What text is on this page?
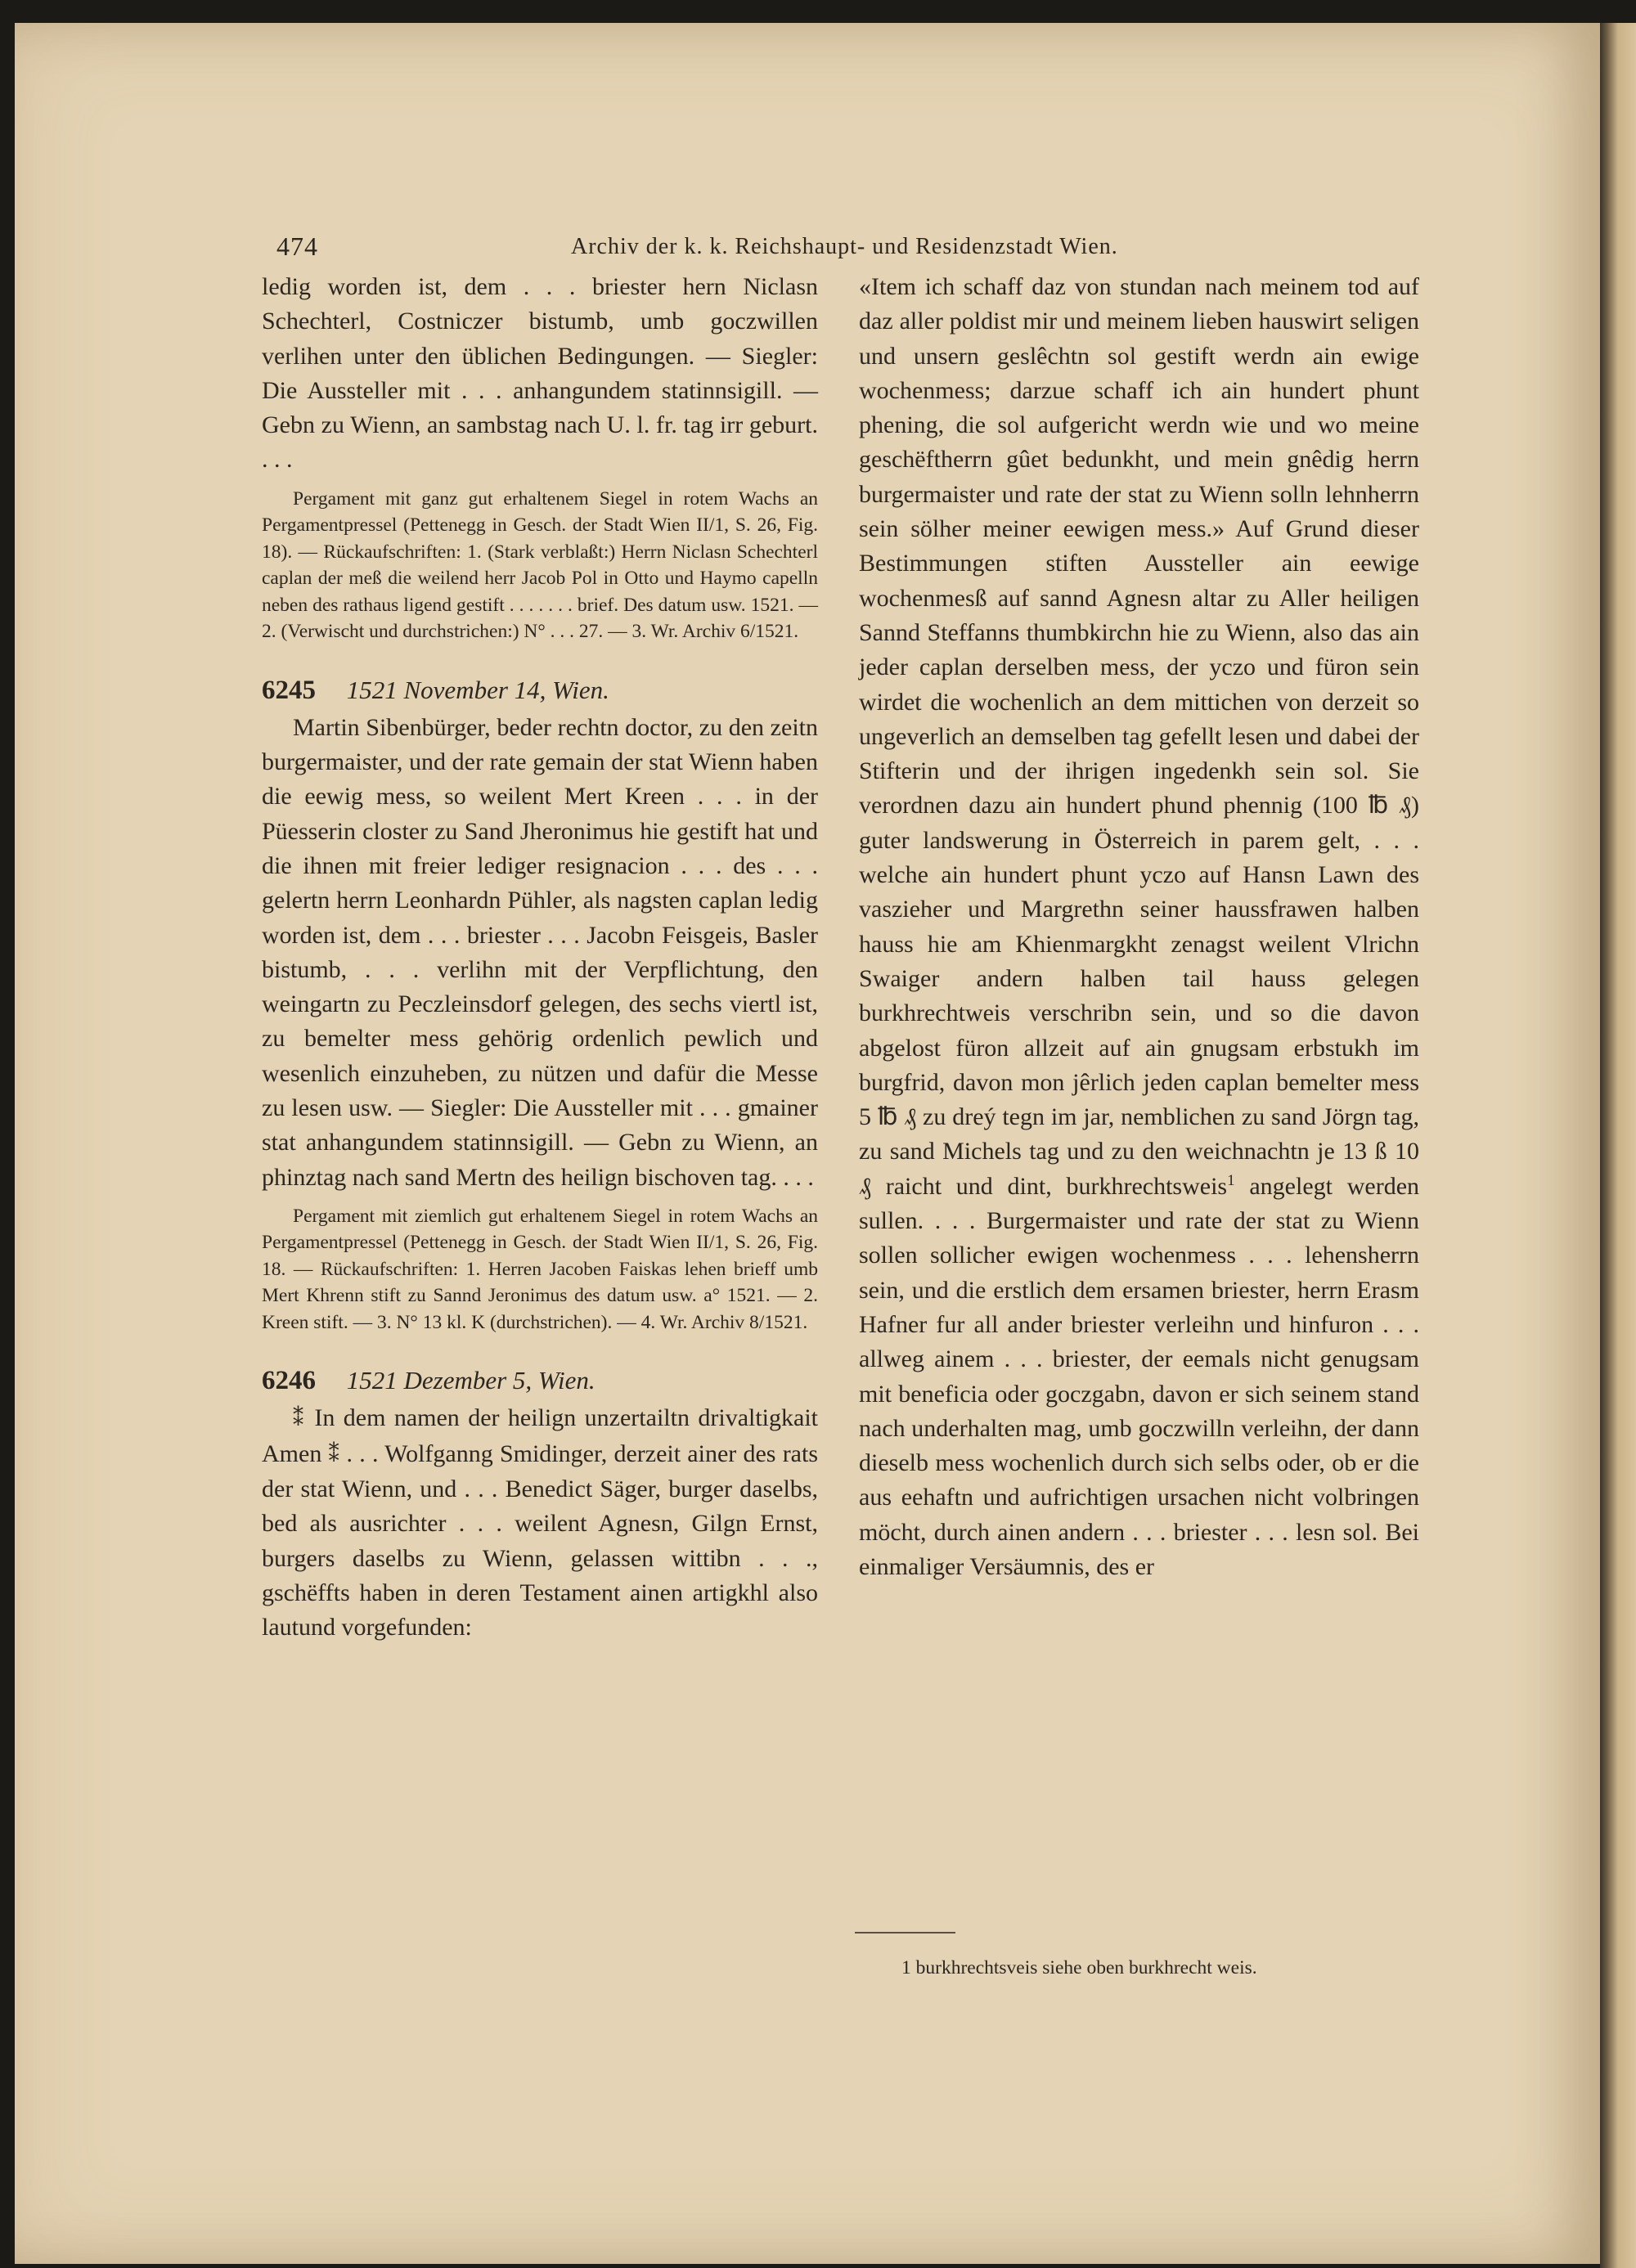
474	Archiv der k. k. Reichshaupt- und Residenzstadt Wien.

ledig worden ist, dem . . . briester hern Niclasn Schechterl, Costniczer bistumb, umb goczwillen verlihen unter den üblichen Bedingungen. — Siegler: Die Aussteller mit . . . anhangundem statinnsigill. — Gebn zu Wienn, an sambstag nach U. l. fr. tag irr geburt. . . .

Pergament mit ganz gut erhaltenem Siegel in rotem Wachs an Pergamentpressel (Pettenegg in Gesch. der Stadt Wien II/1, S. 26, Fig. 18). — Rückaufschriften: 1. (Stark verblaßt:) Herrn Niclasn Schechterl caplan der meß die weilend herr Jacob Pol in Otto und Haymo capelln neben des rathaus ligend gestift . . . . . . . brief. Des datum usw. 1521. — 2. (Verwischt und durchstrichen:) N° . . . 27. — 3. Wr. Archiv 6/1521.

6245 1521 November 14, Wien.

Martin Sibenbürger, beder rechtn doctor, zu den zeitn burgermaister, und der rate gemain der stat Wienn haben die eewig mess, so weilent Mert Kreen . . . in der Püesserin closter zu Sand Jheronimus hie gestift hat und die ihnen mit freier lediger resignacion . . . des . . . gelertn herrn Leonhardn Pühler, als nagsten caplan ledig worden ist, dem . . . briester . . . Jacobn Feisgeis, Basler bistumb, . . . verlihn mit der Verpflichtung, den weingartn zu Peczleinsdorf gelegen, des sechs viertl ist, zu bemelter mess gehörig ordenlich pewlich und wesenlich einzuheben, zu nützen und dafür die Messe zu lesen usw. — Siegler: Die Aussteller mit . . . gmainer stat anhangundem statinnsigill. — Gebn zu Wienn, an phinztag nach sand Mertn des heilign bischoven tag. . . .

Pergament mit ziemlich gut erhaltenem Siegel in rotem Wachs an Pergamentpressel (Pettenegg in Gesch. der Stadt Wien II/1, S. 26, Fig. 18. — Rückaufschriften: 1. Herren Jacoben Faiskas lehen brieff umb Mert Khrenn stift zu Sannd Jeronimus des datum usw. a° 1521. — 2. Kreen stift. — 3. N° 13 kl. K (durchstrichen). — 4. Wr. Archiv 8/1521.

6246 1521 Dezember 5, Wien.

⁑ In dem namen der heilign unzertailtn drivaltigkait Amen ⁑ . . . Wolfganng Smidinger, derzeit ainer des rats der stat Wienn, und . . . Benedict Säger, burger daselbs, bed als ausrichter . . . weilent Agnesn, Gilgn Ernst, burgers daselbs zu Wienn, gelassen wittibn . . ., gschëffts haben in deren Testament ainen artigkhl also lautund vorgefunden:

«Item ich schaff daz von stundan nach meinem tod auf daz aller poldist mir und meinem lieben hauswirt seligen und unsern geslêchtn sol gestift werdn ain ewige wochenmess; darzue schaff ich ain hundert phunt phening, die sol aufgericht werdn wie und wo meine geschëftherrn gûet bedunkht, und mein gnêdig herrn burgermaister und rate der stat zu Wienn solln lehnherrn sein sölher meiner eewigen mess.» Auf Grund dieser Bestimmungen stiften Aussteller ain eewige wochenmesß auf sannd Agnesn altar zu Aller heiligen Sannd Steffanns thumbkirchn hie zu Wienn, also das ain jeder caplan derselben mess, der yczo und füron sein wirdet die wochenlich an dem mittichen von derzeit so ungeverlich an demselben tag gefellt lesen und dabei der Stifterin und der ihrigen ingedenkh sein sol. Sie verordnen dazu ain hundert phund phennig (100 ℔ ₰) guter landswerung in Österreich in parem gelt, . . . welche ain hundert phunt yczo auf Hansn Lawn des vaszieher und Margrethn seiner haussfrawen halben hauss hie am Khienmargkht zenagst weilent Vlrichn Swaiger andern halben tail hauss gelegen burkhrechtweis verschribn sein, und so die davon abgelost füron allzeit auf ain gnugsam erbstukh im burgfrid, davon mon jêrlich jeden caplan bemelter mess 5 ℔ ₰ zu dreý tegn im jar, nemblichen zu sand Jörgn tag, zu sand Michels tag und zu den weichnachtn je 13 ß 10 ₰ raicht und dint, burkhrechtsweis$^1$ angelegt werden sullen. . . . Burgermaister und rate der stat zu Wienn sollen sollicher ewigen wochenmess . . . lehensherrn sein, und die erstlich dem ersamen briester, herrn Erasm Hafner fur all ander briester verleihn und hinfuron . . . allweg ainem . . . briester, der eemals nicht genugsam mit beneficia oder goczgabn, davon er sich seinem stand nach underhalten mag, umb goczwilln verleihn, der dann dieselb mess wochenlich durch sich selbs oder, ob er die aus eehaftn und aufrichtigen ursachen nicht volbringen möcht, durch ainen andern . . . briester . . . lesn sol. Bei einmaliger Versäumnis, des er

1 burkhrechtsveis siehe oben burkhrecht weis.
